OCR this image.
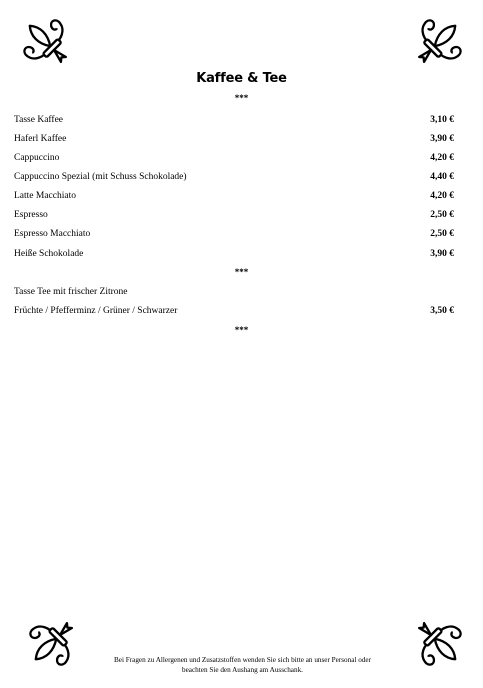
Kaffee & Tee
***
Tasse Kaffee	3,10 €
Haferl Kaffee	3,90 €
Cappuccino	4,20 €
Cappuccino Spezial (mit Schuss Schokolade)	4,40 €
Latte Macchiato	4,20 €
Espresso	2,50 €
Espresso Macchiato	2,50 €
Heiße Schokolade	3,90 €
***
Tasse Tee mit frischer Zitrone
Früchte / Pfefferminz / Grüner / Schwarzer	3,50 €
***
Bei Fragen zu Allergenen und Zusatzstoffen wenden Sie sich bitte an unser Personal oder
beachten Sie den Aushang am Ausschank.
